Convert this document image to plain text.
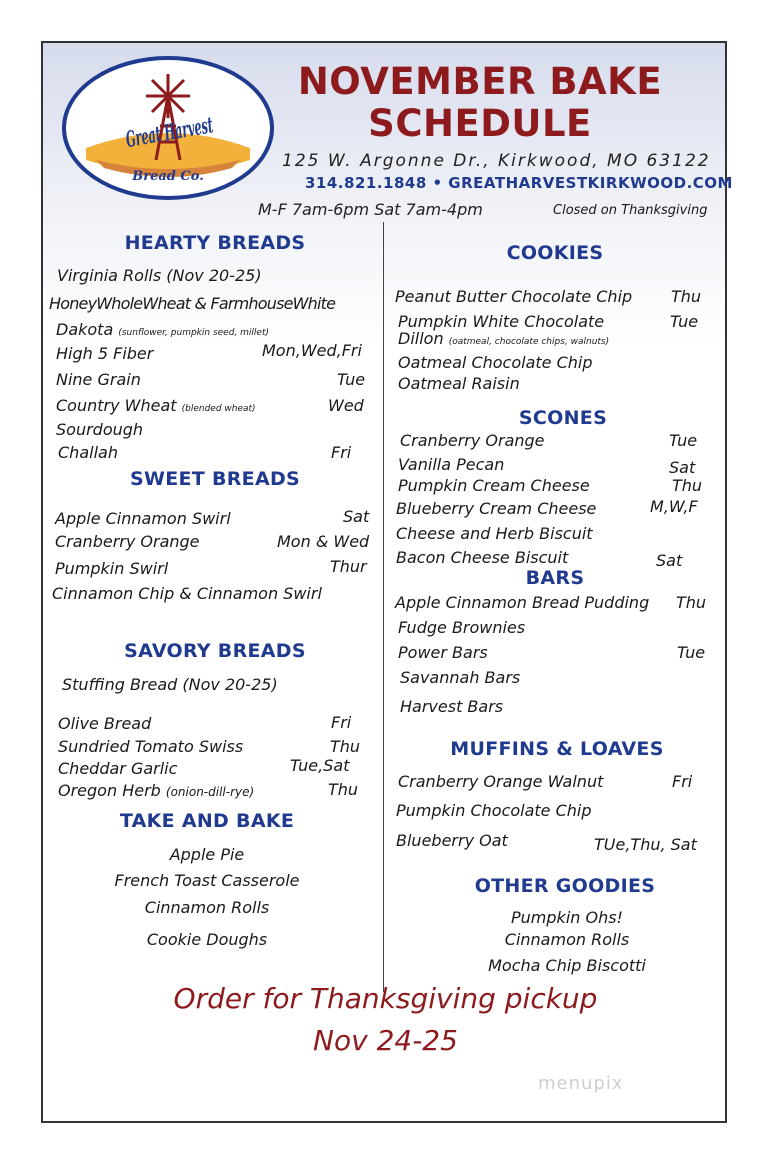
Great Harvest
Bread Co.
NOVEMBER BAKE
SCHEDULE
125 W. Argonne Dr., Kirkwood, MO 63122
314.821.1848 • GREATHARVESTKIRKWOOD.COM
M-F 7am-6pm Sat 7am-4pm	Closed on Thanksgiving
HEARTY BREADS
Virginia Rolls (Nov 20-25)
HoneyWholeWheat & FarmhouseWhite
Dakota (sunflower, pumpkin seed, millet)
High 5 Fiber	Mon,Wed,Fri
Nine Grain	Tue
Country Wheat (blended wheat)	Wed
Sourdough
Challah	Fri
SWEET BREADS
Apple Cinnamon Swirl	Sat
Cranberry Orange	Mon & Wed
Pumpkin Swirl	Thur
Cinnamon Chip & Cinnamon Swirl
SAVORY BREADS
Stuffing Bread (Nov 20-25)
Olive Bread	Fri
Sundried Tomato Swiss	Thu
Cheddar Garlic	Tue,Sat
Oregon Herb (onion-dill-rye)	Thu
TAKE AND BAKE
Apple Pie
French Toast Casserole
Cinnamon Rolls
Cookie Doughs
COOKIES
Peanut Butter Chocolate Chip Thu
Pumpkin White Chocolate	Tue
Dillon (oatmeal, chocolate chips, walnuts)
Oatmeal Chocolate Chip
Oatmeal Raisin
SCONES
Cranberry Orange	Tue
Vanilla Pecan	Sat
Pumpkin Cream Cheese	Thu
Blueberry Cream Cheese	M,W,F
Cheese and Herb Biscuit
Bacon Cheese Biscuit	Sat
BARS
Apple Cinnamon Bread Pudding Thu
Fudge Brownies
Power Bars	Tue
Savannah Bars
Harvest Bars
MUFFINS & LOAVES
Cranberry Orange Walnut	Fri
Pumpkin Chocolate Chip
Blueberry Oat	TUe,Thu, Sat
OTHER GOODIES
Pumpkin Ohs!
Cinnamon Rolls
Mocha Chip Biscotti
Order for Thanksgiving pickup
Nov 24-25
menupix
